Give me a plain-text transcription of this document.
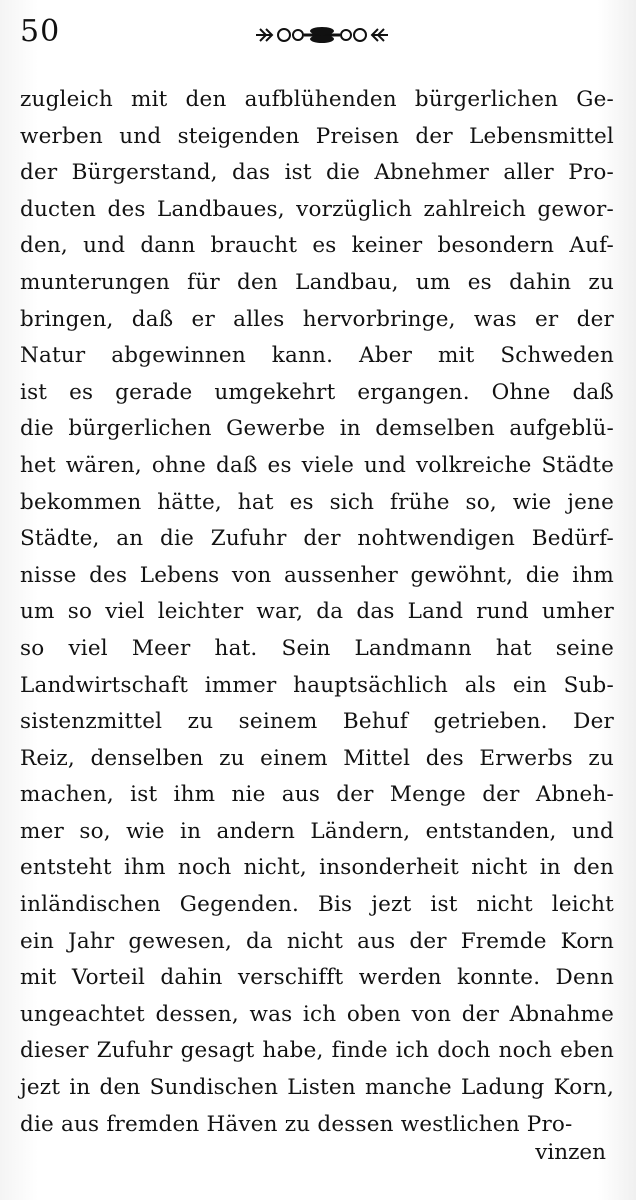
50
zugleich mit den aufblühenden bürgerlichen Ge-
werben und steigenden Preisen der Lebensmittel
der Bürgerstand, das ist die Abnehmer aller Pro-
ducten des Landbaues, vorzüglich zahlreich gewor-
den, und dann braucht es keiner besondern Auf-
munterungen für den Landbau, um es dahin zu
bringen, daß er alles hervorbringe, was er der
Natur abgewinnen kann. Aber mit Schweden
ist es gerade umgekehrt ergangen. Ohne daß
die bürgerlichen Gewerbe in demselben aufgeblü-
het wären, ohne daß es viele und volkreiche Städte
bekommen hätte, hat es sich frühe so, wie jene
Städte, an die Zufuhr der nohtwendigen Bedürf-
nisse des Lebens von aussenher gewöhnt, die ihm
um so viel leichter war, da das Land rund umher
so viel Meer hat. Sein Landmann hat seine
Landwirtschaft immer hauptsächlich als ein Sub-
sistenzmittel zu seinem Behuf getrieben. Der
Reiz, denselben zu einem Mittel des Erwerbs zu
machen, ist ihm nie aus der Menge der Abneh-
mer so, wie in andern Ländern, entstanden, und
entsteht ihm noch nicht, insonderheit nicht in den
inländischen Gegenden. Bis jezt ist nicht leicht
ein Jahr gewesen, da nicht aus der Fremde Korn
mit Vorteil dahin verschifft werden konnte. Denn
ungeachtet dessen, was ich oben von der Abnahme
dieser Zufuhr gesagt habe, finde ich doch noch eben
jezt in den Sundischen Listen manche Ladung Korn,
die aus fremden Häven zu dessen westlichen Pro-
vinzen
